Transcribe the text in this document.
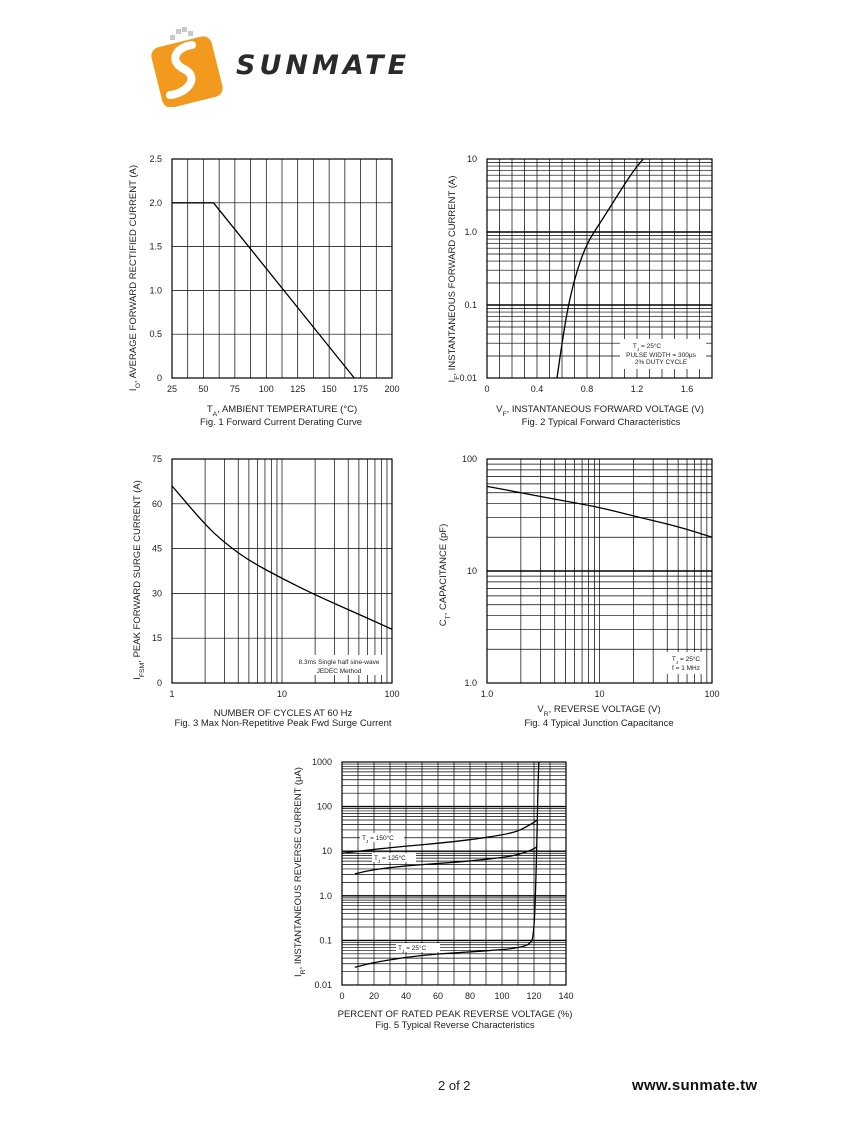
SUNMATE
25 50 75 100 125 150 175 200
0
0.5
1.0
1.5
2.0
2.5
$T_A$, AMBIENT TEMPERATURE (°C)
$I_O$, AVERAGE FORWARD RECTIFIED CURRENT (A)
Fig. 1 Forward Current Derating Curve
0	0.4	0.8	1.2	1.6
0.01
0.1
1.0
10
$V_F$, INSTANTANEOUS FORWARD VOLTAGE (V)
$I_F$, INSTANTANEOUS FORWARD CURRENT (A)
Fig. 2 Typical Forward Characteristics
$T_J = 25^\circ C$
PULSE WIDTH = 300μs
2% DUTY CYCLE
1	10	100
0
15
30
45
60
75
NUMBER OF CYCLES AT 60 Hz
$I_{FSM}$, PEAK FORWARD SURGE CURRENT (A)
Fig. 3 Max Non-Repetitive Peak Fwd Surge Current
8.3ms Single half sine-wave
JEDEC Method
1.0	10	100
1.0
10
100
$V_R$, REVERSE VOLTAGE (V)
$C_T$, CAPACITANCE (pF)
Fig. 4 Typical Junction Capacitance
$T_J = 25^\circ C$
f = 1 MHz
0	20 40 60 80 100 120 140
0.01
0.1
1.0
10
100
1000
PERCENT OF RATED PEAK REVERSE VOLTAGE (%)
$I_R$, INSTANTANEOUS REVERSE CURRENT (μA)
Fig. 5 Typical Reverse Characteristics
$T_J = 150^\circ C$
$T_J = 125^\circ C$
$T_J = 25^\circ C$
2 of 2	www.sunmate.tw
